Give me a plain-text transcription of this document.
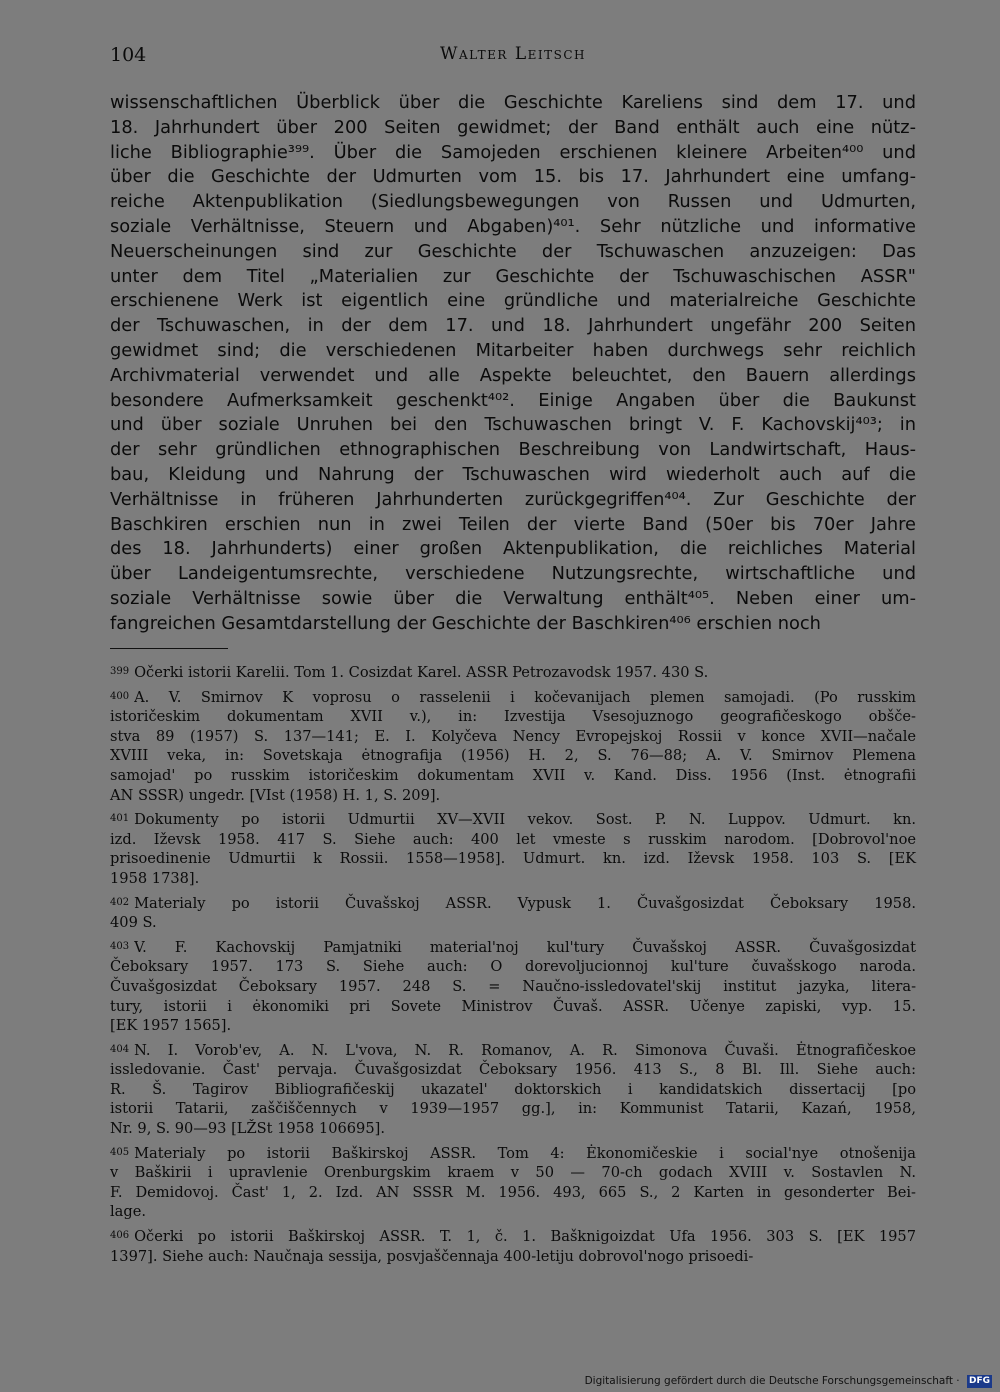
104	Walter Leitsch
wissenschaftlichen Überblick über die Geschichte Kareliens sind dem 17. und
18. Jahrhundert über 200 Seiten gewidmet; der Band enthält auch eine nütz-
liche Bibliographie³⁹⁹. Über die Samojeden erschienen kleinere Arbeiten⁴⁰⁰ und
über die Geschichte der Udmurten vom 15. bis 17. Jahrhundert eine umfang-
reiche Aktenpublikation (Siedlungsbewegungen von Russen und Udmurten,
soziale Verhältnisse, Steuern und Abgaben)⁴⁰¹. Sehr nützliche und informative
Neuerscheinungen sind zur Geschichte der Tschuwaschen anzuzeigen: Das
unter dem Titel „Materialien zur Geschichte der Tschuwaschischen ASSR"
erschienene Werk ist eigentlich eine gründliche und materialreiche Geschichte
der Tschuwaschen, in der dem 17. und 18. Jahrhundert ungefähr 200 Seiten
gewidmet sind; die verschiedenen Mitarbeiter haben durchwegs sehr reichlich
Archivmaterial verwendet und alle Aspekte beleuchtet, den Bauern allerdings
besondere Aufmerksamkeit geschenkt⁴⁰². Einige Angaben über die Baukunst
und über soziale Unruhen bei den Tschuwaschen bringt V. F. Kachovskij⁴⁰³; in
der sehr gründlichen ethnographischen Beschreibung von Landwirtschaft, Haus-
bau, Kleidung und Nahrung der Tschuwaschen wird wiederholt auch auf die
Verhältnisse in früheren Jahrhunderten zurückgegriffen⁴⁰⁴. Zur Geschichte der
Baschkiren erschien nun in zwei Teilen der vierte Band (50er bis 70er Jahre
des 18. Jahrhunderts) einer großen Aktenpublikation, die reichliches Material
über Landeigentumsrechte, verschiedene Nutzungsrechte, wirtschaftliche und
soziale Verhältnisse sowie über die Verwaltung enthält⁴⁰⁵. Neben einer um-
fangreichen Gesamtdarstellung der Geschichte der Baschkiren⁴⁰⁶ erschien noch
$^{399}$ Očerki istorii Karelii. Tom 1. Cosizdat Karel. ASSR Petrozavodsk 1957. 430 S.
$^{400}$ A. V. Smirnov K voprosu o rasselenii i kočevanijach plemen samojadi. (Po russkim
istoričeskim dokumentam XVII v.), in: Izvestija Vsesojuznogo geografičeskogo obšče-
stva 89 (1957) S. 137—141; E. I. Kolyčeva Nency Evropejskoj Rossii v konce XVII—načale
XVIII veka, in: Sovetskaja ėtnografija (1956) H. 2, S. 76—88; A. V. Smirnov Plemena
samojad' po russkim istoričeskim dokumentam XVII v. Kand. Diss. 1956 (Inst. ėtnografii
AN SSSR) ungedr. [VIst (1958) H. 1, S. 209].
$^{401}$ Dokumenty po istorii Udmurtii XV—XVII vekov. Sost. P. N. Luppov. Udmurt. kn.
izd. Iževsk 1958. 417 S. Siehe auch: 400 let vmeste s russkim narodom. [Dobrovol'noe
prisoedinenie Udmurtii k Rossii. 1558—1958]. Udmurt. kn. izd. Iževsk 1958. 103 S. [EK
1958 1738].
$^{402}$ Materialy po istorii Čuvašskoj ASSR. Vypusk 1. Čuvašgosizdat Čeboksary 1958.
409 S.
$^{403}$ V. F. Kachovskij Pamjatniki material'noj kul'tury Čuvašskoj ASSR. Čuvašgosizdat
Čeboksary 1957. 173 S. Siehe auch: O dorevoljucionnoj kul'ture čuvašskogo naroda.
Čuvašgosizdat Čeboksary 1957. 248 S. = Naučno-issledovatel'skij institut jazyka, litera-
tury, istorii i ėkonomiki pri Sovete Ministrov Čuvaš. ASSR. Učenye zapiski, vyp. 15.
[EK 1957 1565].
$^{404}$ N. I. Vorob'ev, A. N. L'vova, N. R. Romanov, A. R. Simonova Čuvaši. Ėtnografičeskoe
issledovanie. Čast' pervaja. Čuvašgosizdat Čeboksary 1956. 413 S., 8 Bl. Ill. Siehe auch:
R. Š. Tagirov Bibliografičeskij ukazatel' doktorskich i kandidatskich dissertacij [po
istorii Tatarii, zaščiščennych v 1939—1957 gg.], in: Kommunist Tatarii, Kazań, 1958,
Nr. 9, S. 90—93 [LŽSt 1958 106695].
$^{405}$ Materialy po istorii Baškirskoj ASSR. Tom 4: Ėkonomičeskie i social'nye otnošenija
v Baškirii i upravlenie Orenburgskim kraem v 50 — 70-ch godach XVIII v. Sostavlen N.
F. Demidovoj. Čast' 1, 2. Izd. AN SSSR M. 1956. 493, 665 S., 2 Karten in gesonderter Bei-
lage.
$^{406}$ Očerki po istorii Baškirskoj ASSR. T. 1, č. 1. Bašknigoizdat Ufa 1956. 303 S. [EK 1957
1397]. Siehe auch: Naučnaja sessija, posvjaščennaja 400-letiju dobrovol'nogo prisoedi-
Digitalisierung gefördert durch die Deutsche Forschungsgemeinschaft · DFG
